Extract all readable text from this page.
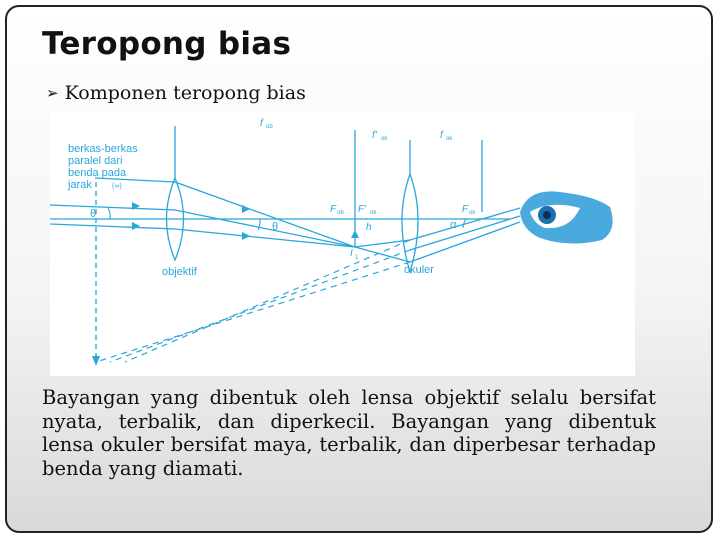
Teropong bias
➢ Komponen teropong bias
berkas-berkas
paralel dari
benda pada
jarak	(∞)
f ob
f' ok	f ok
F ob F' ok	F ok
θ
θ	α
h
I 1
objektif	okuler
Bayangan yang dibentuk oleh lensa objektif selalu bersifat nyata, terbalik, dan diperkecil. Bayangan yang dibentuk lensa okuler bersifat maya, terbalik, dan diperbesar terhadap benda yang diamati.
